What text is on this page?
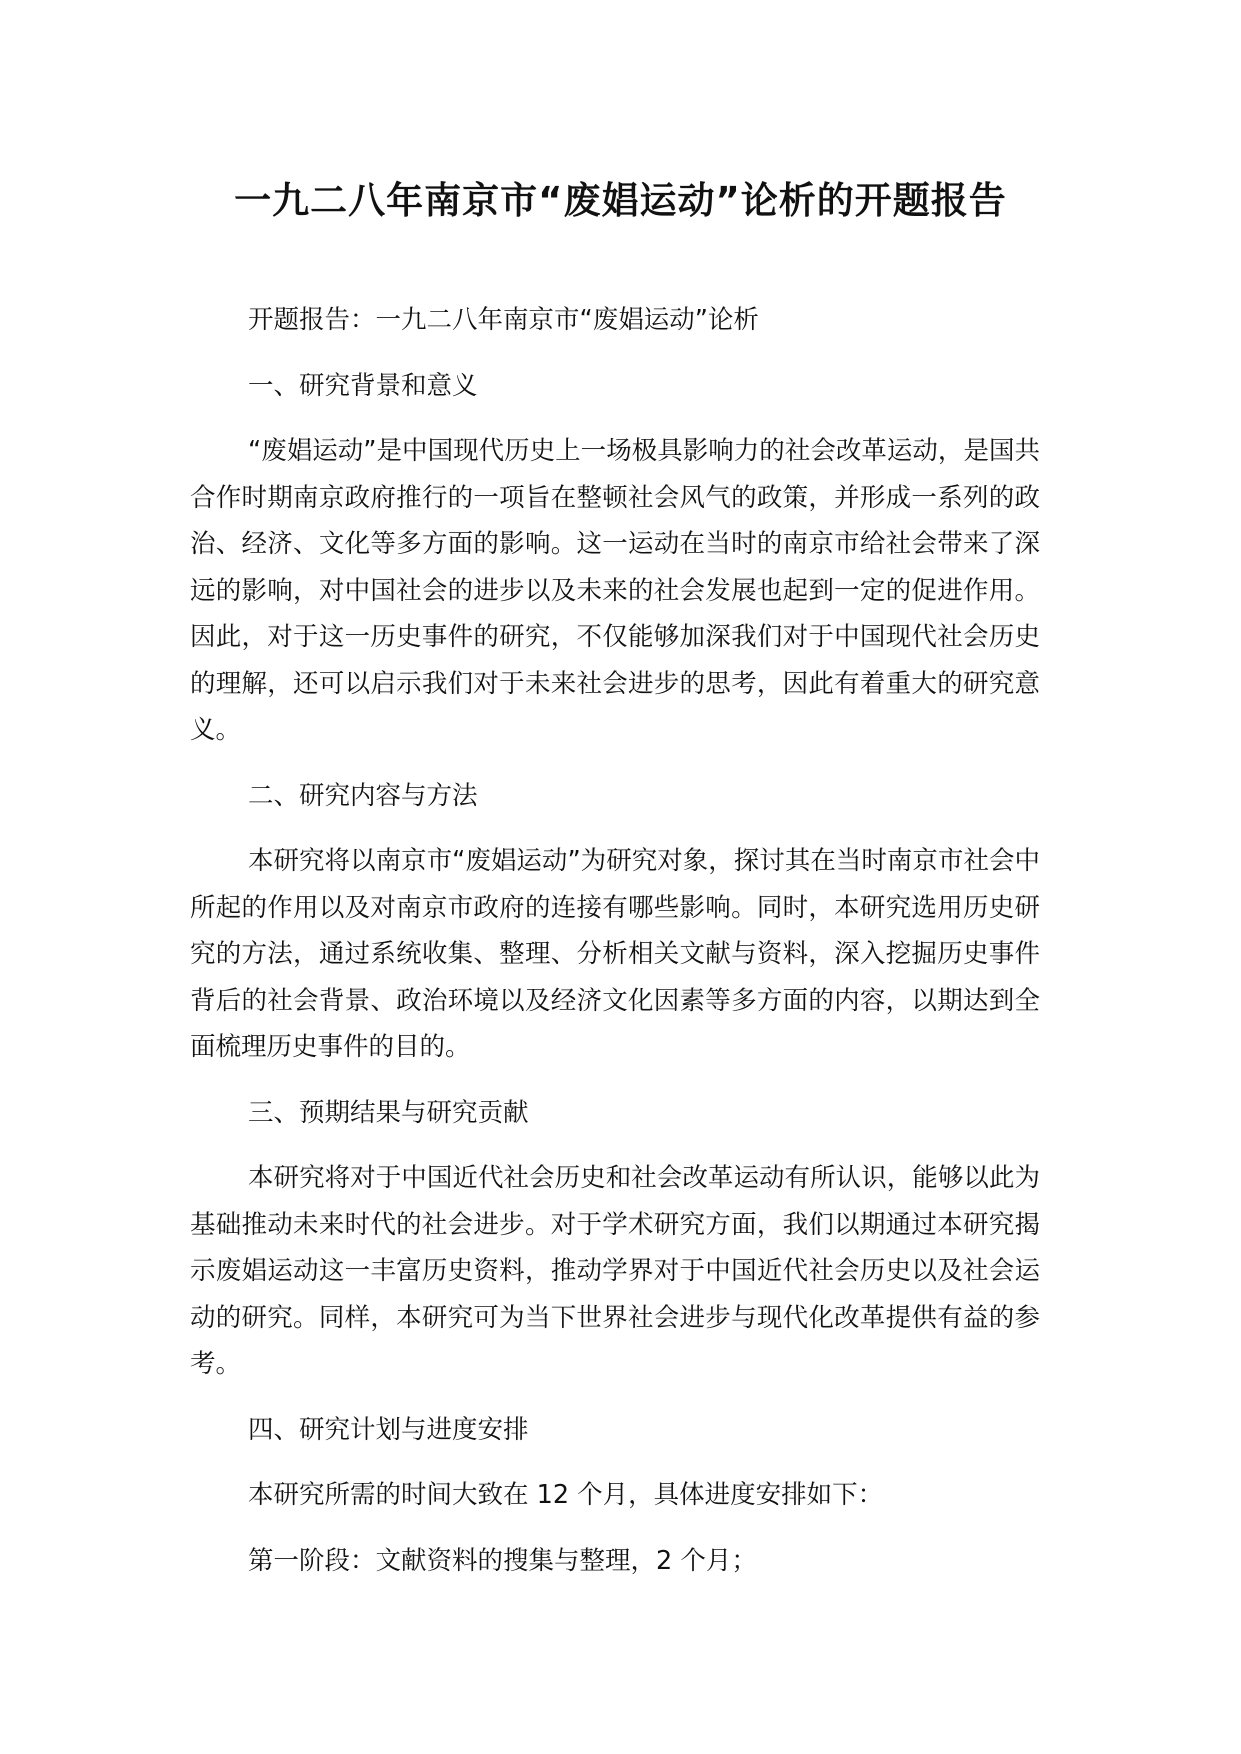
一九二八年南京市“废娼运动”论析的开题报告

开题报告：一九二八年南京市“废娼运动”论析

一、研究背景和意义

“废娼运动”是中国现代历史上一场极具影响力的社会改革运动，是国共合作时期南京政府推行的一项旨在整顿社会风气的政策，并形成一系列的政治、经济、文化等多方面的影响。这一运动在当时的南京市给社会带来了深远的影响，对中国社会的进步以及未来的社会发展也起到一定的促进作用。因此，对于这一历史事件的研究，不仅能够加深我们对于中国现代社会历史的理解，还可以启示我们对于未来社会进步的思考，因此有着重大的研究意义。

二、研究内容与方法

本研究将以南京市“废娼运动”为研究对象，探讨其在当时南京市社会中所起的作用以及对南京市政府的连接有哪些影响。同时，本研究选用历史研究的方法，通过系统收集、整理、分析相关文献与资料，深入挖掘历史事件背后的社会背景、政治环境以及经济文化因素等多方面的内容，以期达到全面梳理历史事件的目的。

三、预期结果与研究贡献

本研究将对于中国近代社会历史和社会改革运动有所认识，能够以此为基础推动未来时代的社会进步。对于学术研究方面，我们以期通过本研究揭示废娼运动这一丰富历史资料，推动学界对于中国近代社会历史以及社会运动的研究。同样，本研究可为当下世界社会进步与现代化改革提供有益的参考。

四、研究计划与进度安排

本研究所需的时间大致在 12 个月，具体进度安排如下：

第一阶段：文献资料的搜集与整理，2 个月；
